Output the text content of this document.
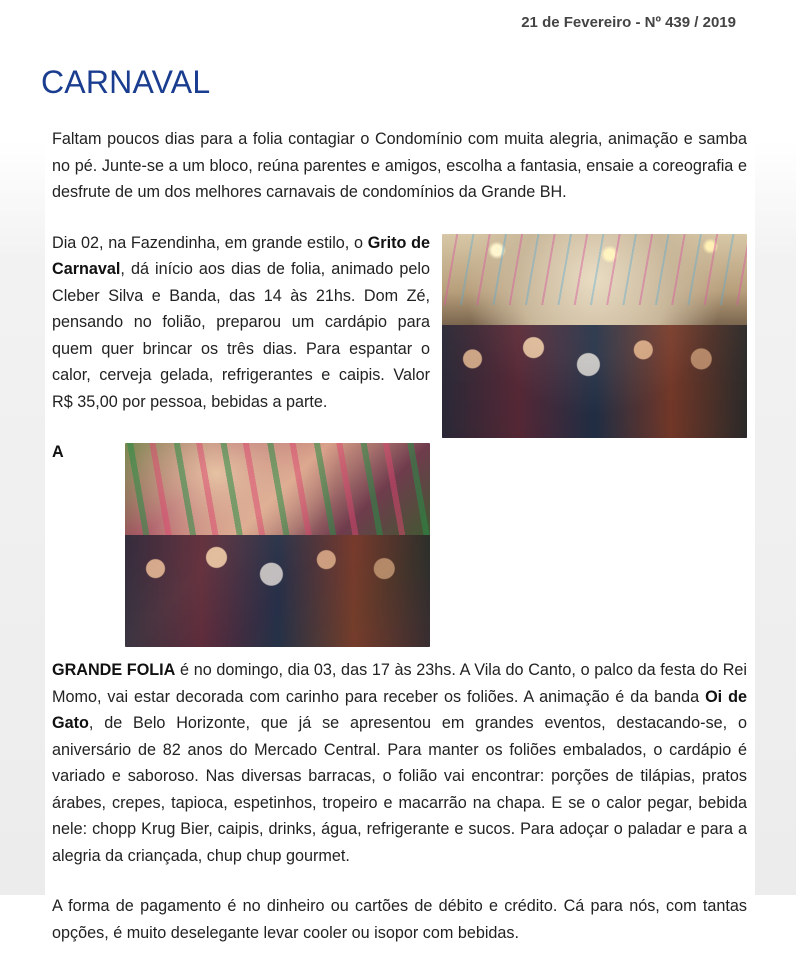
21 de Fevereiro - Nº 439 / 2019
CARNAVAL

Faltam poucos dias para a folia contagiar o Condomínio com muita alegria, animação e samba no pé. Junte-se a um bloco, reúna parentes e amigos, escolha a fantasia, ensaie a coreografia e desfrute de um dos melhores carnavais de condomínios da Grande BH.

Dia 02, na Fazendinha, em grande estilo, o Grito de Carnaval, dá início aos dias de folia, animado pelo Cleber Silva e Banda, das 14 às 21hs. Dom Zé, pensando no folião, preparou um cardápio para quem quer brincar os três dias. Para espantar o calor, cerveja gelada, refrigerantes e caipis. Valor R$ 35,00 por pessoa, bebidas a parte.

A GRANDE FOLIA é no domingo, dia 03, das 17 às 23hs. A Vila do Canto, o palco da festa do Rei Momo, vai estar decorada com carinho para receber os foliões. A animação é da banda Oi de Gato, de Belo Horizonte, que já se apresentou em grandes eventos, destacando-se, o aniversário de 82 anos do Mercado Central. Para manter os foliões embalados, o cardápio é variado e saboroso. Nas diversas barracas, o folião vai encontrar: porções de tilápias, pratos árabes, crepes, tapioca, espetinhos, tropeiro e macarrão na chapa. E se o calor pegar, bebida nele: chopp Krug Bier, caipis, drinks, água, refrigerante e sucos. Para adoçar o paladar e para a alegria da criançada, chup chup gourmet.

A forma de pagamento é no dinheiro ou cartões de débito e crédito. Cá para nós, com tantas opções, é muito deselegante levar cooler ou isopor com bebidas.
